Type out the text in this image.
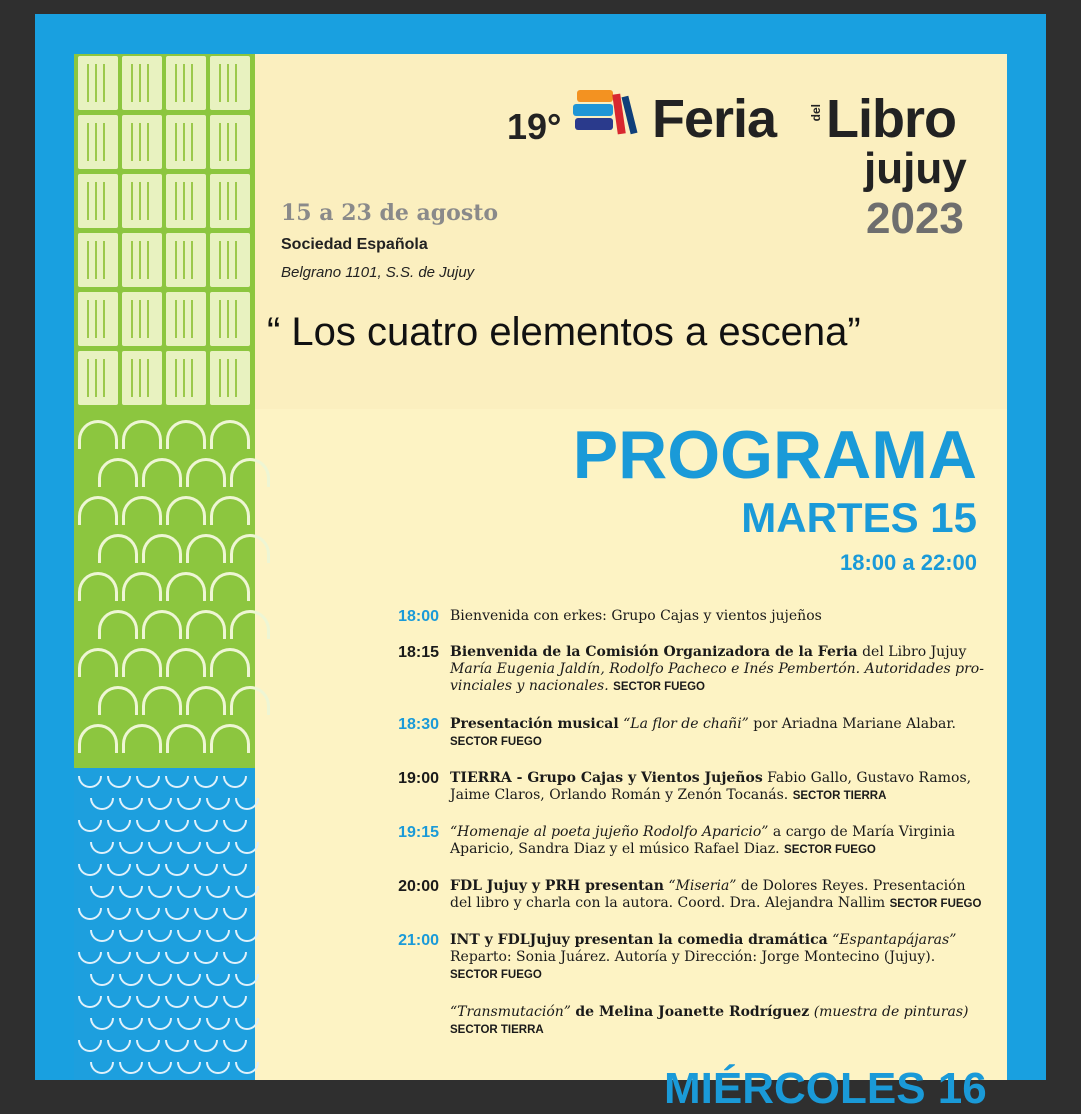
19° Feria	del Libro
jujuy
2023
15 a 23 de agosto
Sociedad Española
Belgrano 1101, S.S. de Jujuy
“ Los cuatro elementos a escena”
PROGRAMA
MARTES 15
18:00 a 22:00
18:00 Bienvenida con erkes: Grupo Cajas y vientos jujeños
18:15 Bienvenida de la Comisión Organizadora de la Feria del Libro Jujuy
María Eugenia Jaldín, Rodolfo Pacheco e Inés Pembertón. Autoridades pro-vinciales y nacionales. SECTOR FUEGO
18:30 Presentación musical “La flor de chañi” por Ariadna Mariane Alabar.
SECTOR FUEGO
19:00 TIERRA - Grupo Cajas y Vientos Jujeños Fabio Gallo, Gustavo Ramos, Jaime Claros, Orlando Román y Zenón Tocanás. SECTOR TIERRA
19:15 “Homenaje al poeta jujeño Rodolfo Aparicio” a cargo de María Virginia Aparicio, Sandra Diaz y el músico Rafael Diaz. SECTOR FUEGO
20:00 FDL Jujuy y PRH presentan “Miseria” de Dolores Reyes. Presentación del libro y charla con la autora. Coord. Dra. Alejandra Nallim SECTOR FUEGO
21:00 INT y FDLJujuy presentan la comedia dramática “Espantapájaras”
Reparto: Sonia Juárez. Autoría y Dirección: Jorge Montecino (Jujuy).
SECTOR FUEGO
“Transmutación” de Melina Joanette Rodríguez (muestra de pinturas)
SECTOR TIERRA
MIÉRCOLES 16
